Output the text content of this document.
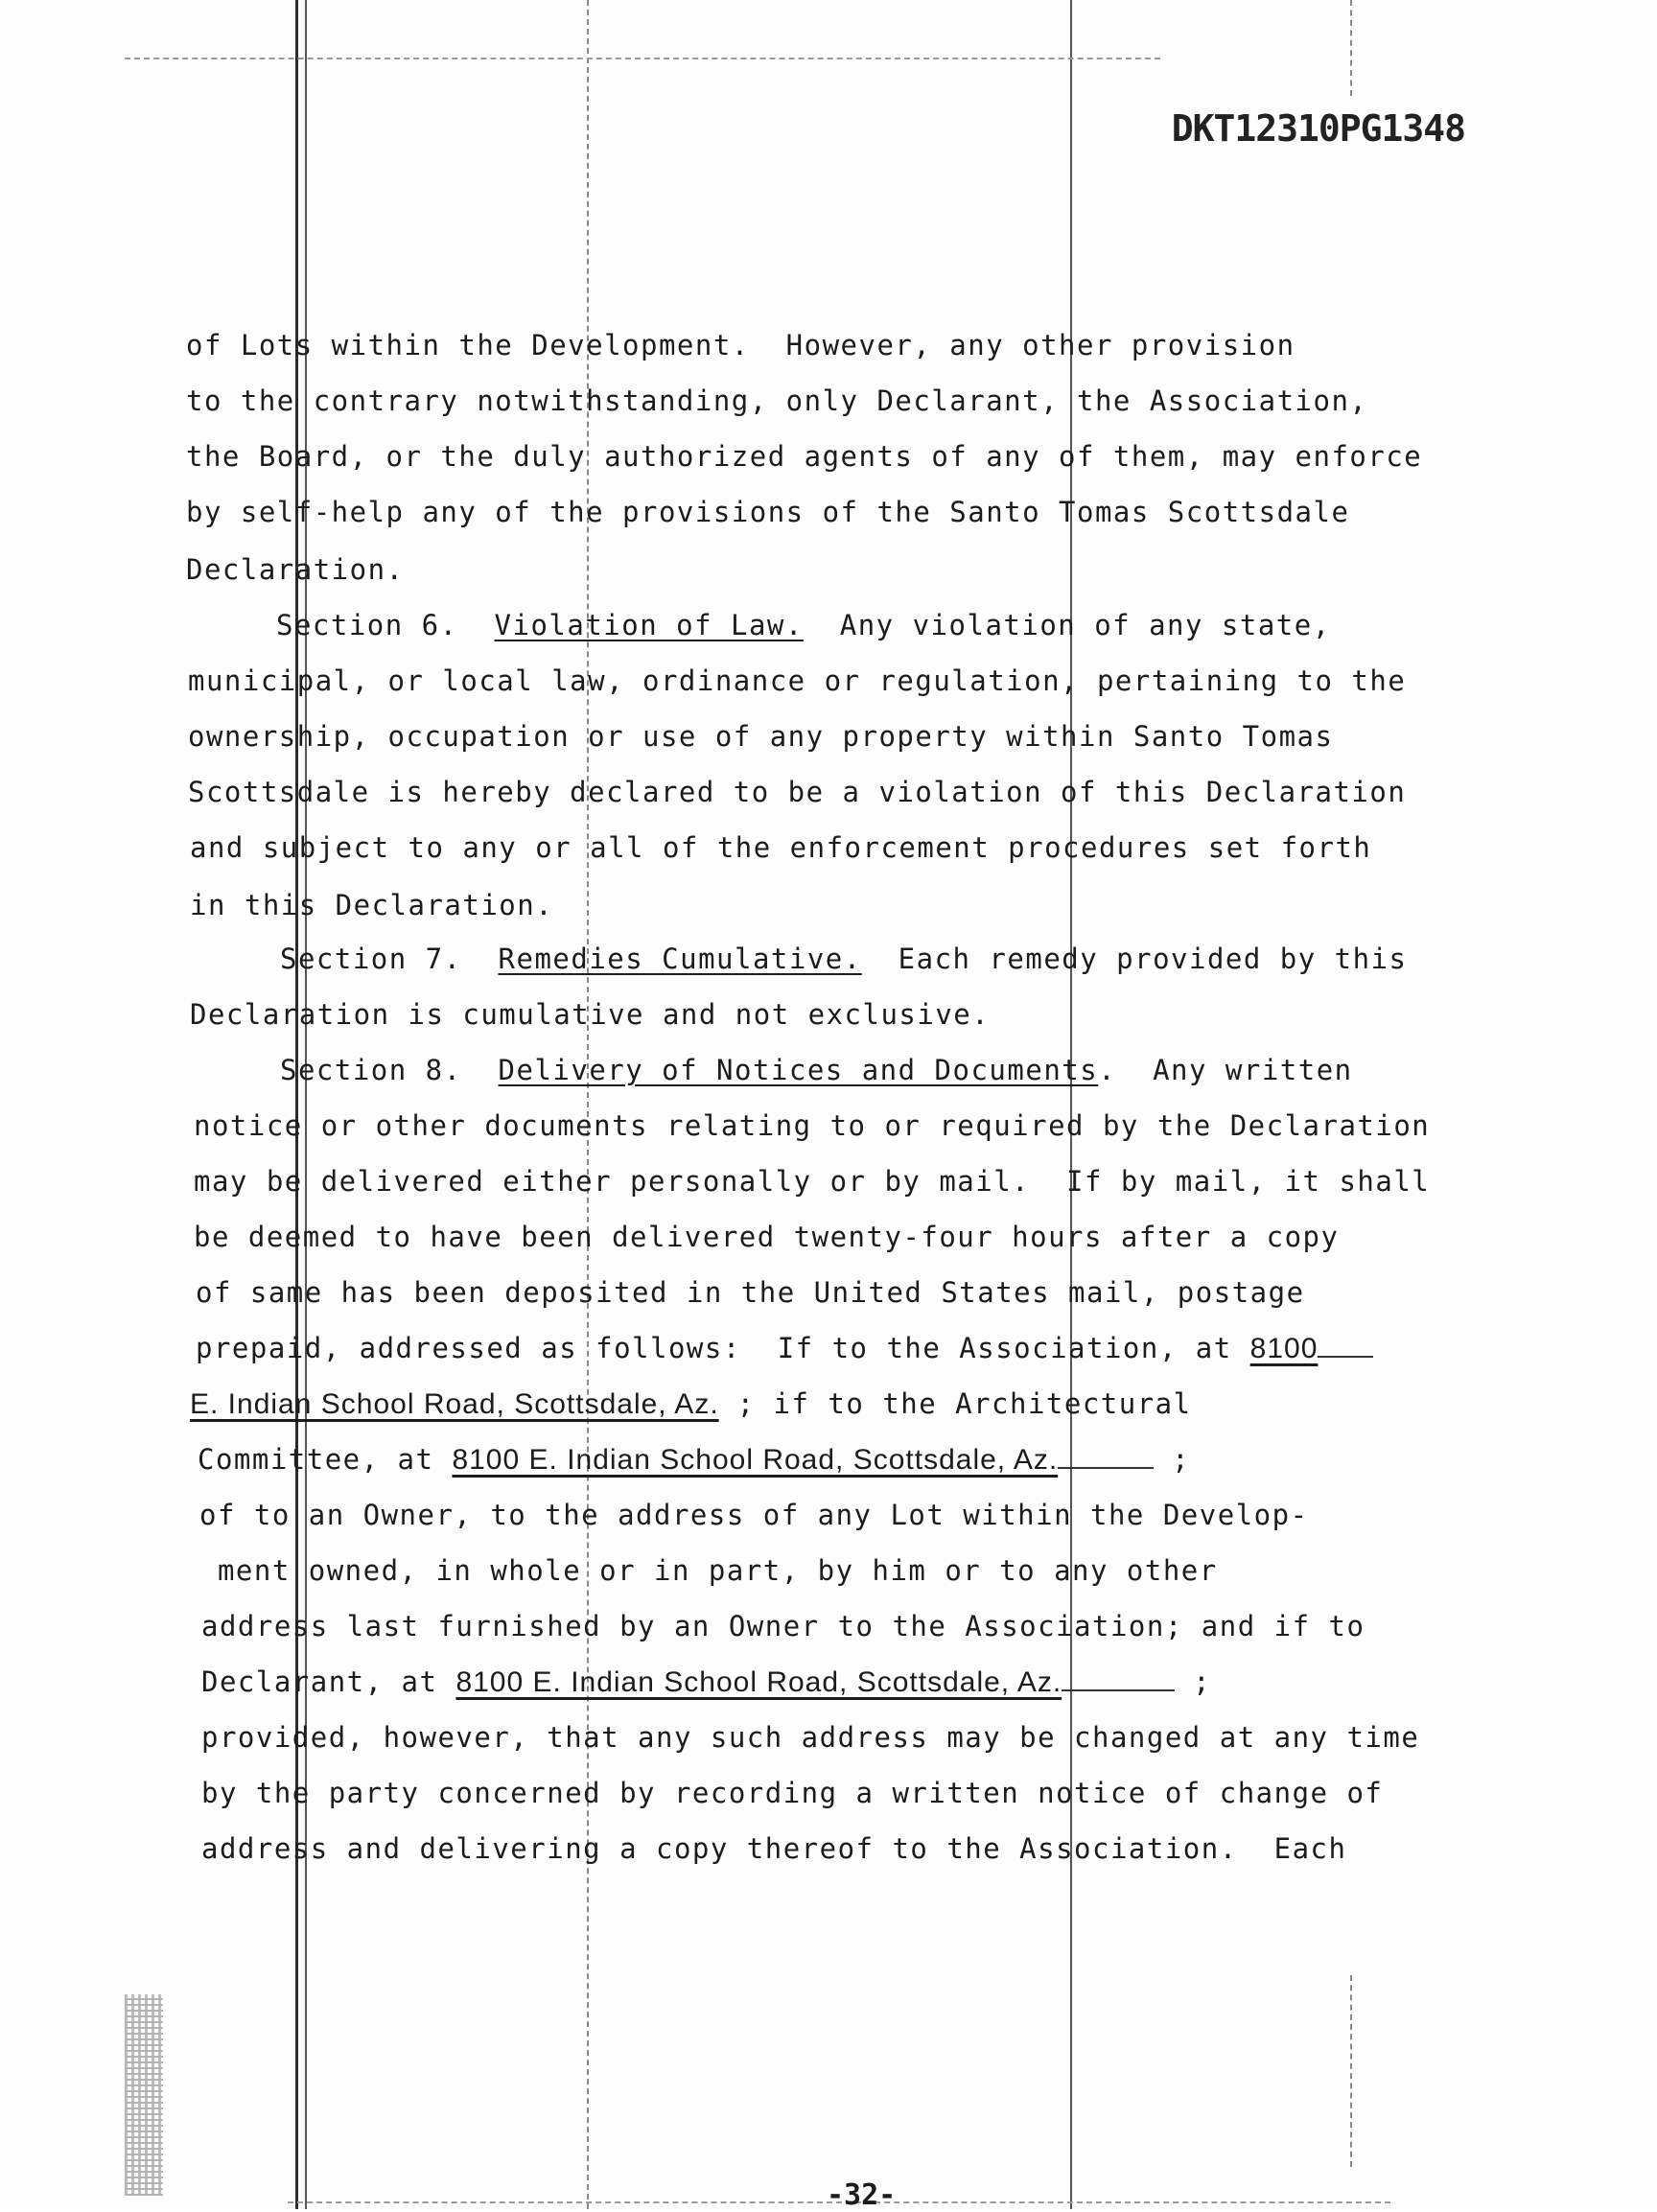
DKT12310PG1348
of Lots within the Development.  However, any other provision
to the contrary notwithstanding, only Declarant, the Association,
the Board, or the duly authorized agents of any of them, may enforce
by self-help any of the provisions of the Santo Tomas Scottsdale
Declaration.
Section 6. Violation of Law.  Any violation of any state,
municipal, or local law, ordinance or regulation, pertaining to the
ownership, occupation or use of any property within Santo Tomas
Scottsdale is hereby declared to be a violation of this Declaration
and subject to any or all of the enforcement procedures set forth
in this Declaration.
Section 7. Remedies Cumulative.  Each remedy provided by this
Declaration is cumulative and not exclusive.
Section 8. Delivery of Notices and Documents.  Any written
notice or other documents relating to or required by the Declaration
may be delivered either personally or by mail.  If by mail, it shall
be deemed to have been delivered twenty-four hours after a copy
of same has been deposited in the United States mail, postage
prepaid, addressed as follows:  If to the Association, at 8100
E. Indian School Road, Scottsdale, Az. ; if to the Architectural
Committee, at 8100 E. Indian School Road, Scottsdale, Az.	;
of to an Owner, to the address of any Lot within the Develop-
ment owned, in whole or in part, by him or to any other
address last furnished by an Owner to the Association; and if to
Declarant, at 8100 E. Indian School Road, Scottsdale, Az.	;
provided, however, that any such address may be changed at any time
by the party concerned by recording a written notice of change of
address and delivering a copy thereof to the Association.  Each
-32-
